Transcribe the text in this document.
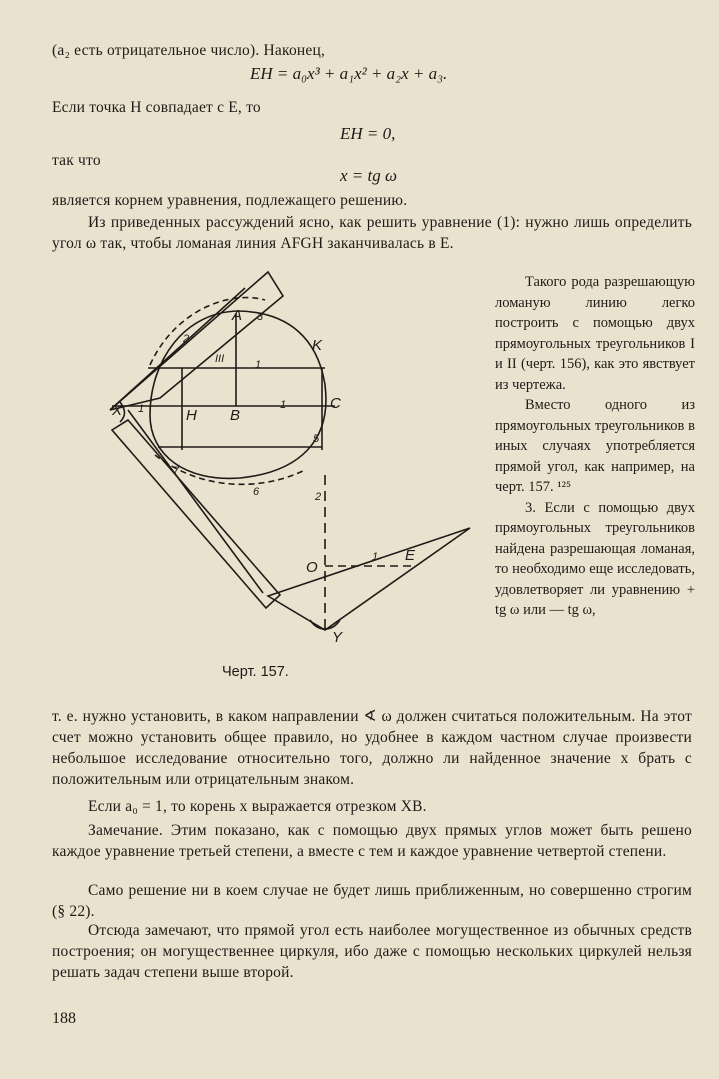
(a₂ есть отрицательное число). Наконец,
EH = a₀x³ + a₁x² + a₂x + a₃.
Если точка H совпадает с E, то
EH = 0,
так что
x = tg ω
является корнем уравнения, подлежащего решению.
Из приведенных рассуждений ясно, как решить уравнение (1): нужно лишь определить угол ω так, чтобы ломаная линия AFGH заканчивалась в E.

Такого рода разрешающую ломаную линию легко построить с помощью двух прямоугольных треугольников I и II (черт. 156), как это явствует из чертежа.

Вместо одного из прямоугольных треугольников в иных случаях употребляется прямой угол, как например, на черт. 157. ¹²⁵

3. Если с помощью двух прямоугольных треугольников найдена разрешающая ломаная, то необходимо еще исследовать, удовлетворяет ли уравнению + tg ω или — tg ω,

A
K
C
X	H B
O
E
Y
3
2
1
5
6
7
III	1
2
1
1
Черт. 157.
т. е. нужно установить, в каком направлении ∢ ω должен считаться положительным. На этот счет можно установить общее правило, но удобнее в каждом частном случае произвести небольшое исследование относительно того, должно ли найденное значение x брать с положительным или отрицательным знаком.
Если a₀ = 1, то корень x выражается отрезком XB.
Замечание. Этим показано, как с помощью двух прямых углов может быть решено каждое уравнение третьей степени, а вместе с тем и каждое уравнение четвертой степени.
Само решение ни в коем случае не будет лишь приближенным, но совершенно строгим (§ 22).
Отсюда замечают, что прямой угол есть наиболее могущественное из обычных средств построения; он могущественнее циркуля, ибо даже с помощью нескольких циркулей нельзя решать задач степени выше второй.
188
